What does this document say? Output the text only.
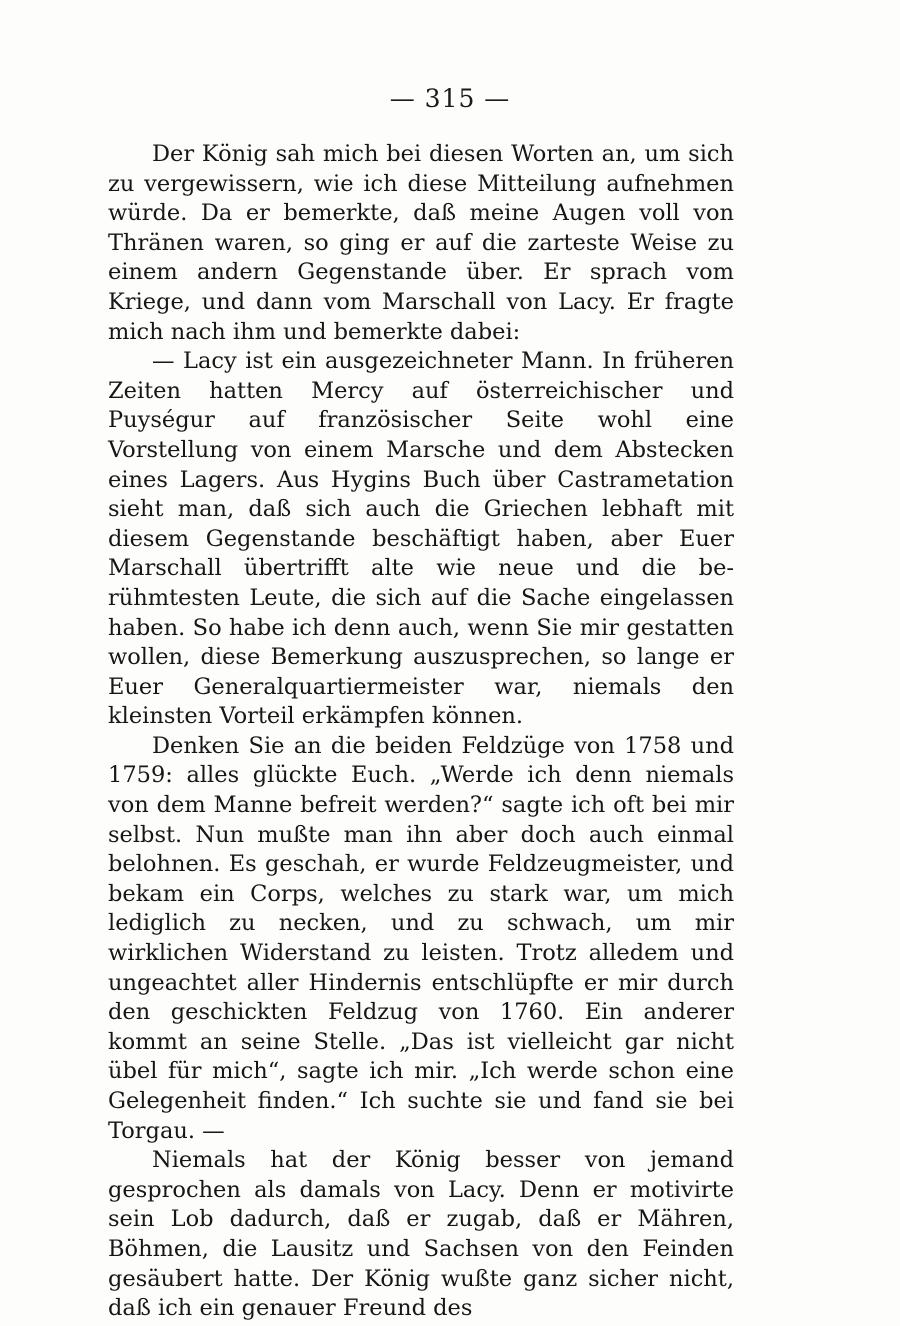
— 315 —

Der König sah mich bei diesen Worten an, um sich zu vergewissern, wie ich diese Mitteilung aufnehmen würde. Da er bemerkte, daß meine Augen voll von Thränen waren, so ging er auf die zarteste Weise zu einem andern Gegenstande über. Er sprach vom Kriege, und dann vom Marschall von Lacy. Er fragte mich nach ihm und bemerkte dabei:

— Lacy ist ein ausgezeichneter Mann. In früheren Zeiten hatten Mercy auf österreichischer und Puységur auf französischer Seite wohl eine Vorstellung von einem Marsche und dem Abstecken eines Lagers. Aus Hygins Buch über Castrametation sieht man, daß sich auch die Griechen lebhaft mit diesem Gegenstande beschäftigt haben, aber Euer Marschall übertrifft alte wie neue und die berühmtesten Leute, die sich auf die Sache eingelassen haben. So habe ich denn auch, wenn Sie mir gestatten wollen, diese Bemerkung auszusprechen, so lange er Euer Generalquartiermeister war, niemals den kleinsten Vorteil erkämpfen können.

Denken Sie an die beiden Feldzüge von 1758 und 1759: alles glückte Euch. „Werde ich denn niemals von dem Manne befreit werden?“ sagte ich oft bei mir selbst. Nun mußte man ihn aber doch auch einmal belohnen. Es geschah, er wurde Feldzeugmeister, und bekam ein Corps, welches zu stark war, um mich lediglich zu necken, und zu schwach, um mir wirklichen Widerstand zu leisten. Trotz alledem und ungeachtet aller Hindernis entschlüpfte er mir durch den geschickten Feldzug von 1760. Ein anderer kommt an seine Stelle. „Das ist vielleicht gar nicht übel für mich“, sagte ich mir. „Ich werde schon eine Gelegenheit finden.“ Ich suchte sie und fand sie bei Torgau. —

Niemals hat der König besser von jemand gesprochen als damals von Lacy. Denn er motivirte sein Lob dadurch, daß er zugab, daß er Mähren, Böhmen, die Lausitz und Sachsen von den Feinden gesäubert hatte. Der König wußte ganz sicher nicht, daß ich ein genauer Freund des
